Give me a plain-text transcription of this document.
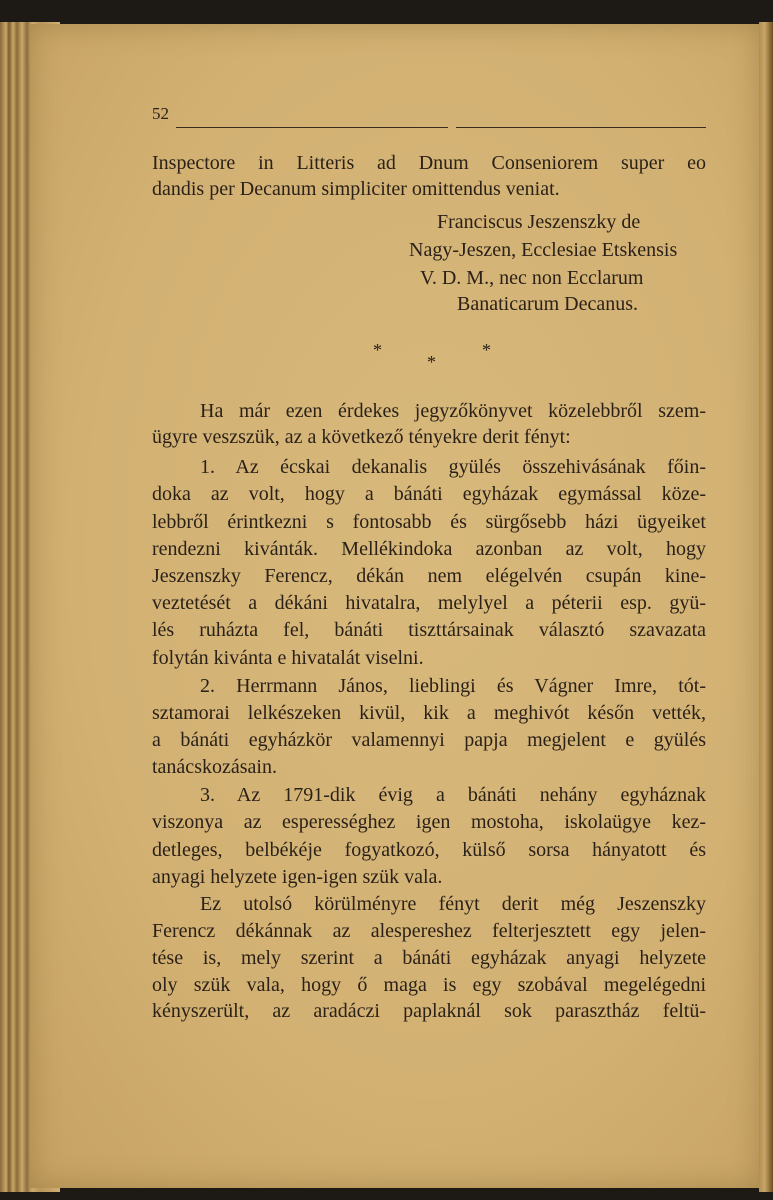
52
Inspectore in Litteris ad Dnum Conseniorem super eo
dandis per Decanum simpliciter omittendus veniat.
Franciscus Jeszenszky de
Nagy-Jeszen, Ecclesiae Etskensis
V. D. M., nec non Ecclarum
Banaticarum Decanus.
*	*
*
Ha már ezen érdekes jegyzőkönyvet közelebbről szem-
ügyre veszszük, az a következő tényekre derit fényt:
1. Az écskai dekanalis gyülés összehivásának főin-
doka az volt, hogy a bánáti egyházak egymással köze-
lebbről érintkezni s fontosabb és sürgősebb házi ügyeiket
rendezni kivánták. Mellékindoka azonban az volt, hogy
Jeszenszky Ferencz, dékán nem elégelvén csupán kine-
veztetését a dékáni hivatalra, melylyel a péterii esp. gyü-
lés ruházta fel, bánáti tiszttársainak választó szavazata
folytán kivánta e hivatalát viselni.
2. Herrmann János, lieblingi és Vágner Imre, tót-
sztamorai lelkészeken kivül, kik a meghivót későn vették,
a bánáti egyházkör valamennyi papja megjelent e gyülés
tanácskozásain.
3. Az 1791-dik évig a bánáti nehány egyháznak
viszonya az esperességhez igen mostoha, iskolaügye kez-
detleges, belbékéje fogyatkozó, külső sorsa hányatott és
anyagi helyzete igen-igen szük vala.
Ez utolsó körülményre fényt derit még Jeszenszky
Ferencz dékánnak az alespereshez felterjesztett egy jelen-
tése is, mely szerint a bánáti egyházak anyagi helyzete
oly szük vala, hogy ő maga is egy szobával megelégedni
kényszerült, az aradáczi paplaknál sok parasztház feltü-
